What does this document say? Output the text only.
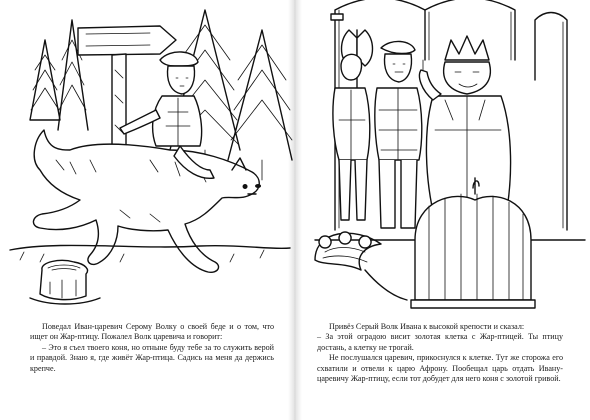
Поведал Иван-царевич Серому Волку о своей беде и о том, что ищет он Жар-птицу. Пожалел Волк царевича и говорит:

– Это я съел твоего коня, но отныне буду тебе за то служить верой и правдой. Знаю я, где живёт Жар-птица. Садись на меня да держись крепче.

Привёз Серый Волк Ивана к высокой крепости и сказал:

– За этой оградою висит золотая клетка с Жар-птицей. Ты птицу достань, а клетку не трогай.

Не послушался царевич, прикоснулся к клетке. Тут же сторожа его схватили и отвели к царю Афрону. Пообещал царь отдать Ивану-царевичу Жар-птицу, если тот добудет для него коня с золотой гривой.
